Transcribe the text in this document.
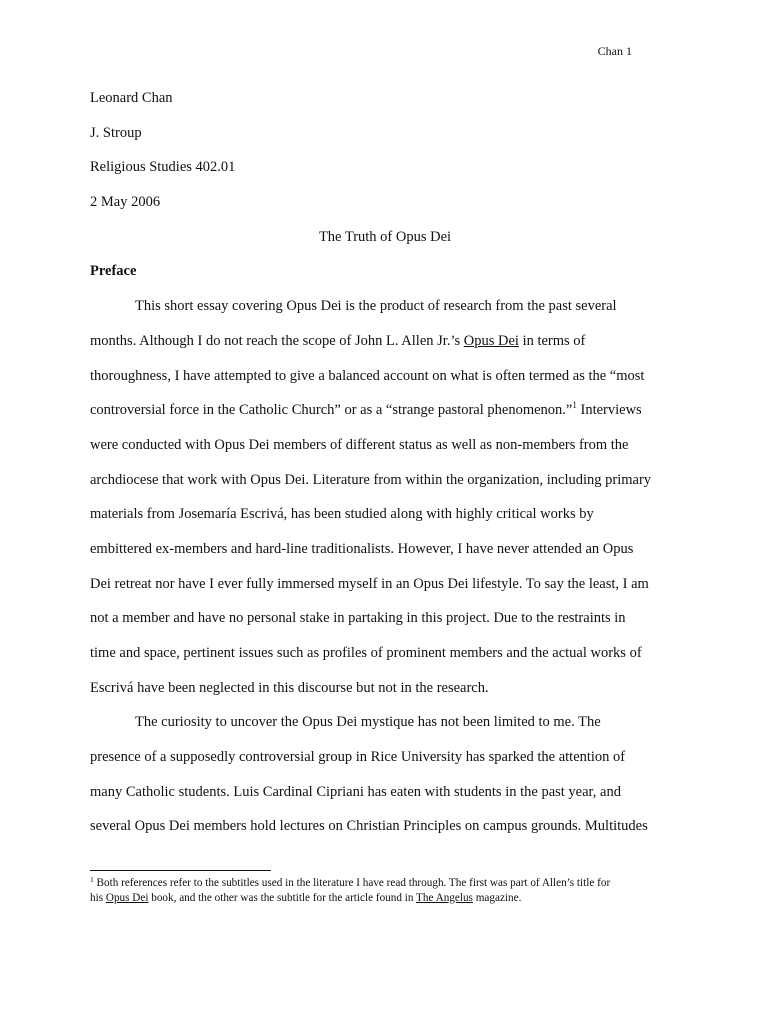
Chan 1
Leonard Chan
J. Stroup
Religious Studies 402.01
2 May 2006
The Truth of Opus Dei
Preface
This short essay covering Opus Dei is the product of research from the past several
months. Although I do not reach the scope of John L. Allen Jr.’s Opus Dei in terms of
thoroughness, I have attempted to give a balanced account on what is often termed as the “most
controversial force in the Catholic Church” or as a “strange pastoral phenomenon.”$^1$ Interviews
were conducted with Opus Dei members of different status as well as non-members from the
archdiocese that work with Opus Dei. Literature from within the organization, including primary
materials from Josemaría Escrivá, has been studied along with highly critical works by
embittered ex-members and hard-line traditionalists. However, I have never attended an Opus
Dei retreat nor have I ever fully immersed myself in an Opus Dei lifestyle. To say the least, I am
not a member and have no personal stake in partaking in this project. Due to the restraints in
time and space, pertinent issues such as profiles of prominent members and the actual works of
Escrivá have been neglected in this discourse but not in the research.
The curiosity to uncover the Opus Dei mystique has not been limited to me. The
presence of a supposedly controversial group in Rice University has sparked the attention of
many Catholic students. Luis Cardinal Cipriani has eaten with students in the past year, and
several Opus Dei members hold lectures on Christian Principles on campus grounds. Multitudes
$^1$ Both references refer to the subtitles used in the literature I have read through. The first was part of Allen’s title for
his Opus Dei book, and the other was the subtitle for the article found in The Angelus magazine.
